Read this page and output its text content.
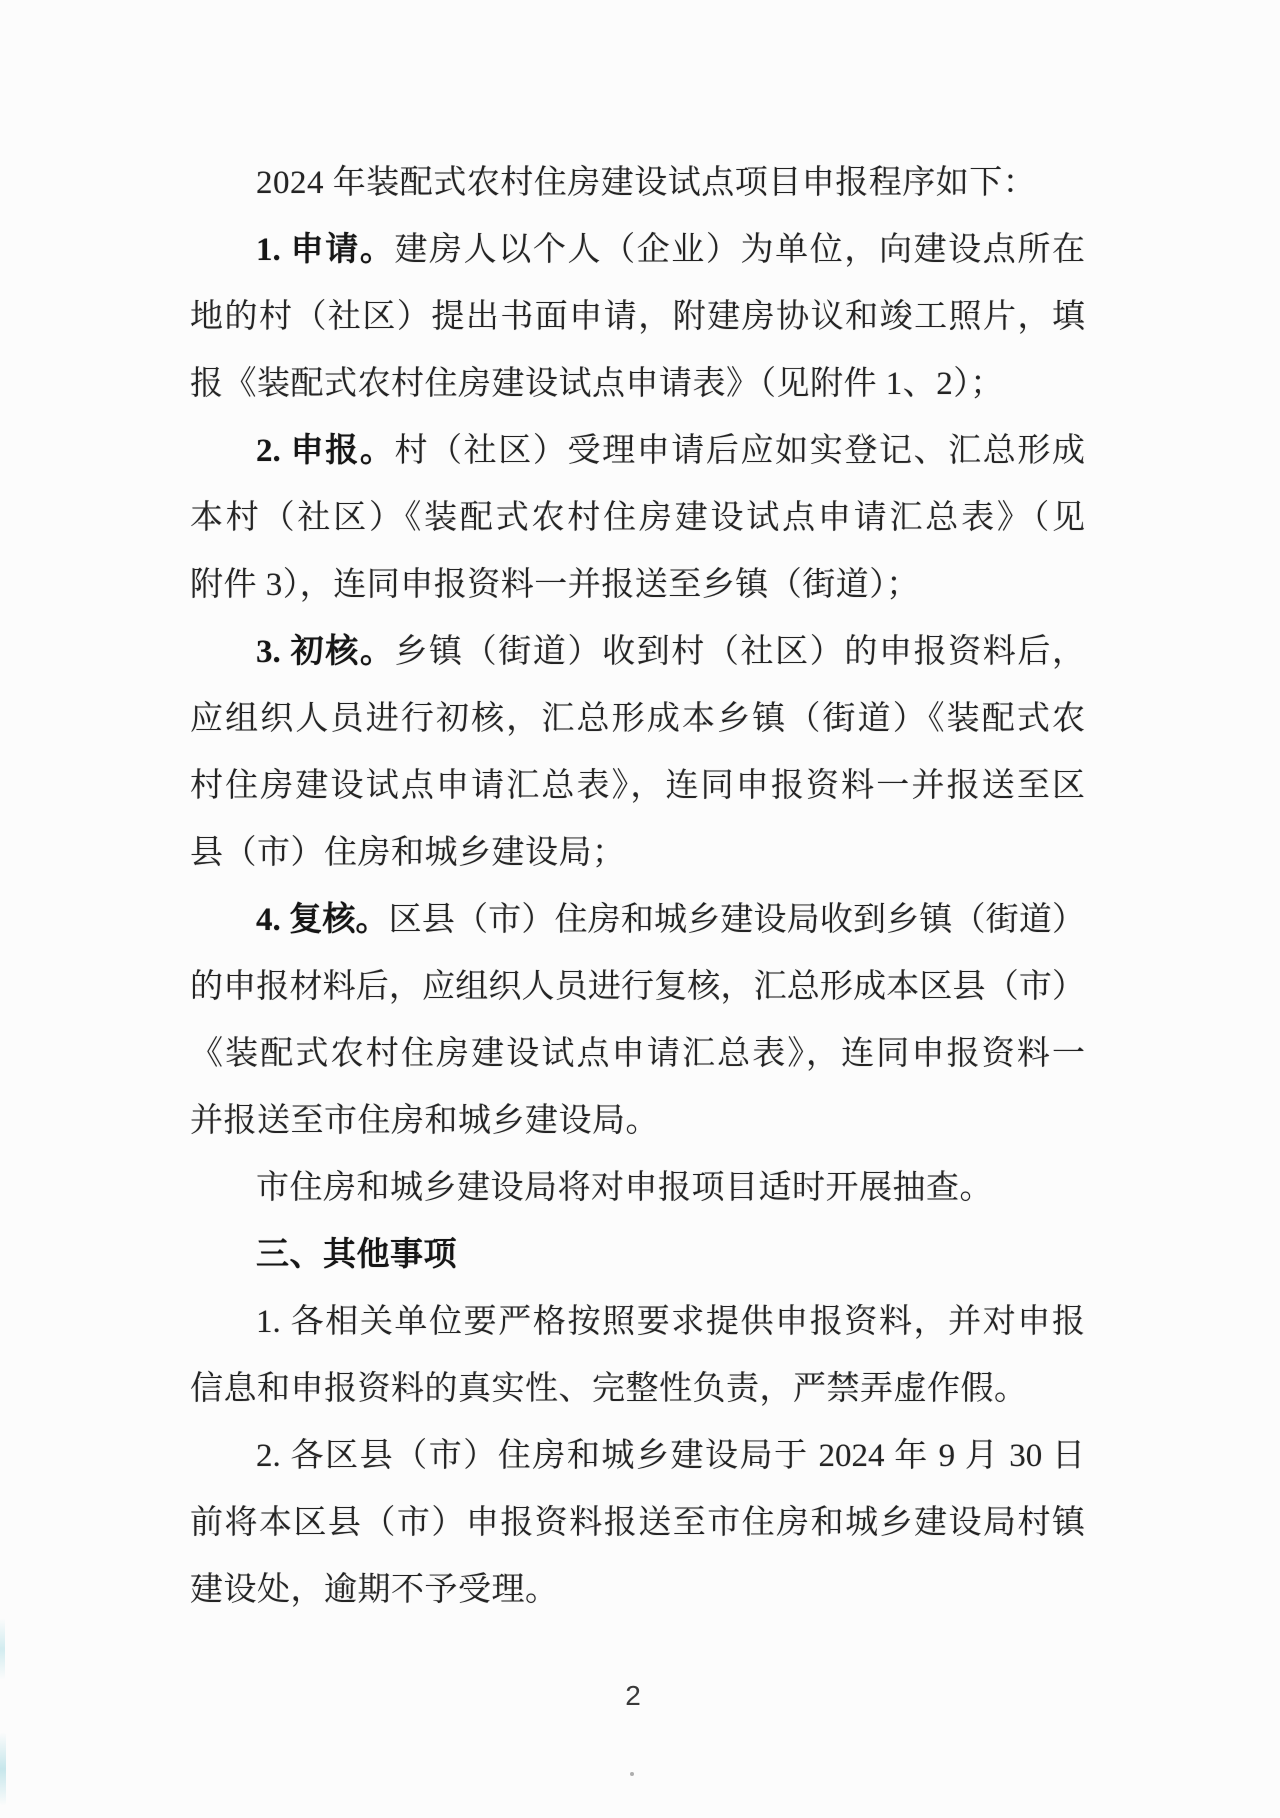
2024 年装配式农村住房建设试点项目申报程序如下：
1. 申请。建房人以个人（企业）为单位，向建设点所在
地的村（社区）提出书面申请，附建房协议和竣工照片，填
报《装配式农村住房建设试点申请表》（见附件 1、2）；
2. 申报。村（社区）受理申请后应如实登记、汇总形成
本村（社区）《装配式农村住房建设试点申请汇总表》（见
附件 3），连同申报资料一并报送至乡镇（街道）；
3. 初核。乡镇（街道）收到村（社区）的申报资料后，
应组织人员进行初核，汇总形成本乡镇（街道）《装配式农
村住房建设试点申请汇总表》，连同申报资料一并报送至区
县（市）住房和城乡建设局；
4. 复核。区县（市）住房和城乡建设局收到乡镇（街道）
的申报材料后，应组织人员进行复核，汇总形成本区县（市）
《装配式农村住房建设试点申请汇总表》，连同申报资料一
并报送至市住房和城乡建设局。
市住房和城乡建设局将对申报项目适时开展抽查。
三、其他事项
1. 各相关单位要严格按照要求提供申报资料，并对申报
信息和申报资料的真实性、完整性负责，严禁弄虚作假。
2. 各区县（市）住房和城乡建设局于 2024 年 9 月 30 日
前将本区县（市）申报资料报送至市住房和城乡建设局村镇
建设处，逾期不予受理。
2
